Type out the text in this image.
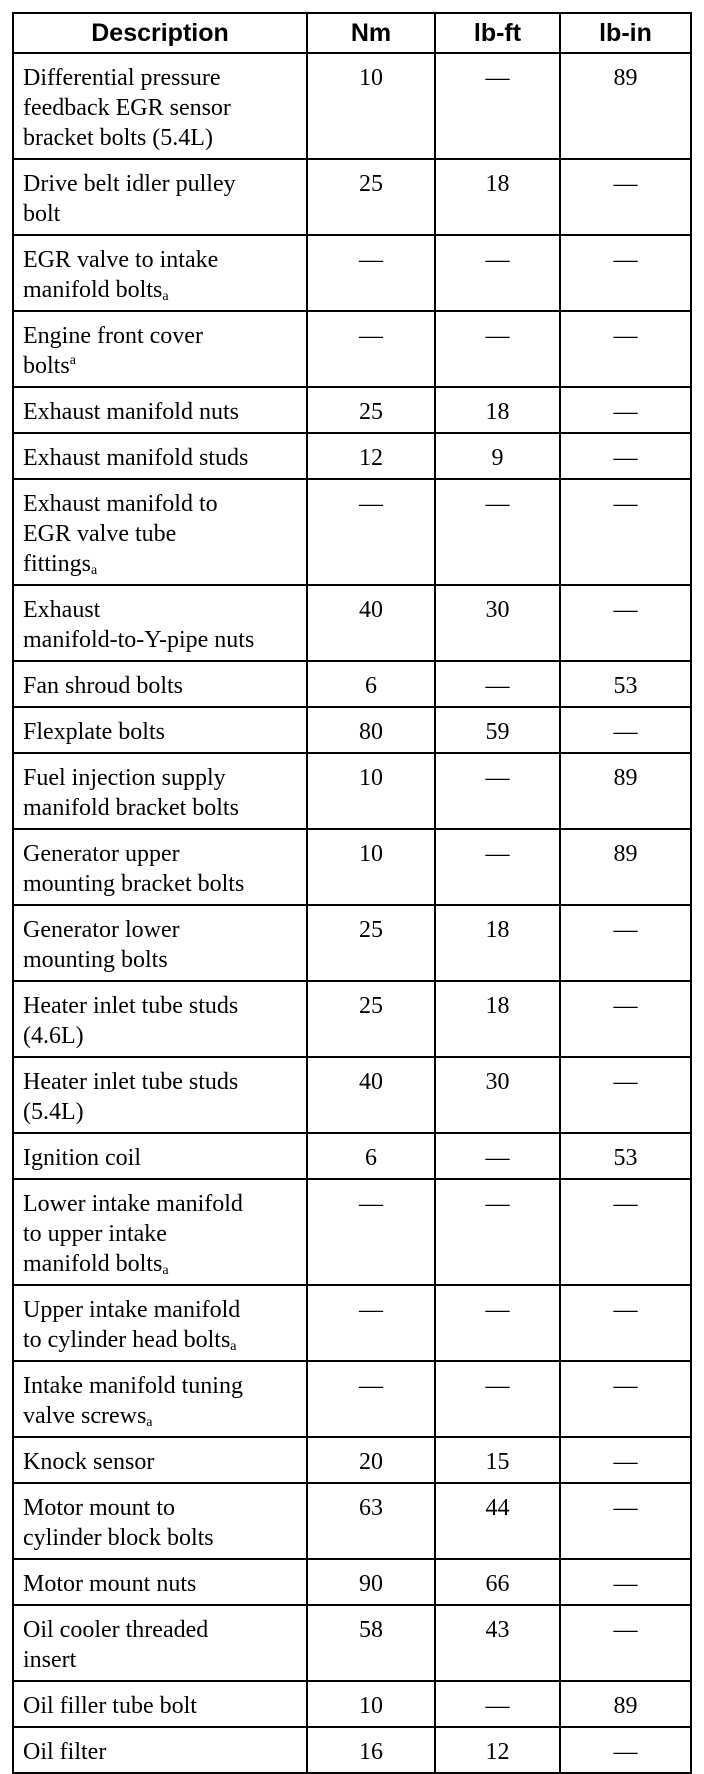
Description	Nm	lb-ft	lb-in
Differential pressure
feedback EGR sensor
bracket bolts (5.4L)	10	—	89
Drive belt idler pulley
bolt	25	18	—
EGR valve to intake
manifold bolts$_a$	—	—	—
Engine front cover
bolts$^a$	—	—	—
Exhaust manifold nuts	25	18	—
Exhaust manifold studs	12	9	—
Exhaust manifold to
EGR valve tube
fittings$_a$	—	—	—
Exhaust
manifold-to-Y-pipe nuts	40	30	—
Fan shroud bolts	6	—	53
Flexplate bolts	80	59	—
Fuel injection supply
manifold bracket bolts	10	—	89
Generator upper
mounting bracket bolts	10	—	89
Generator lower
mounting bolts	25	18	—
Heater inlet tube studs
(4.6L)	25	18	—
Heater inlet tube studs
(5.4L)	40	30	—
Ignition coil	6	—	53
Lower intake manifold
to upper intake
manifold bolts$_a$	—	—	—
Upper intake manifold
to cylinder head bolts$_a$	—	—	—
Intake manifold tuning
valve screws$_a$	—	—	—
Knock sensor	20	15	—
Motor mount to
cylinder block bolts	63	44	—
Motor mount nuts	90	66	—
Oil cooler threaded
insert	58	43	—
Oil filler tube bolt	10	—	89
Oil filter	16	12	—
